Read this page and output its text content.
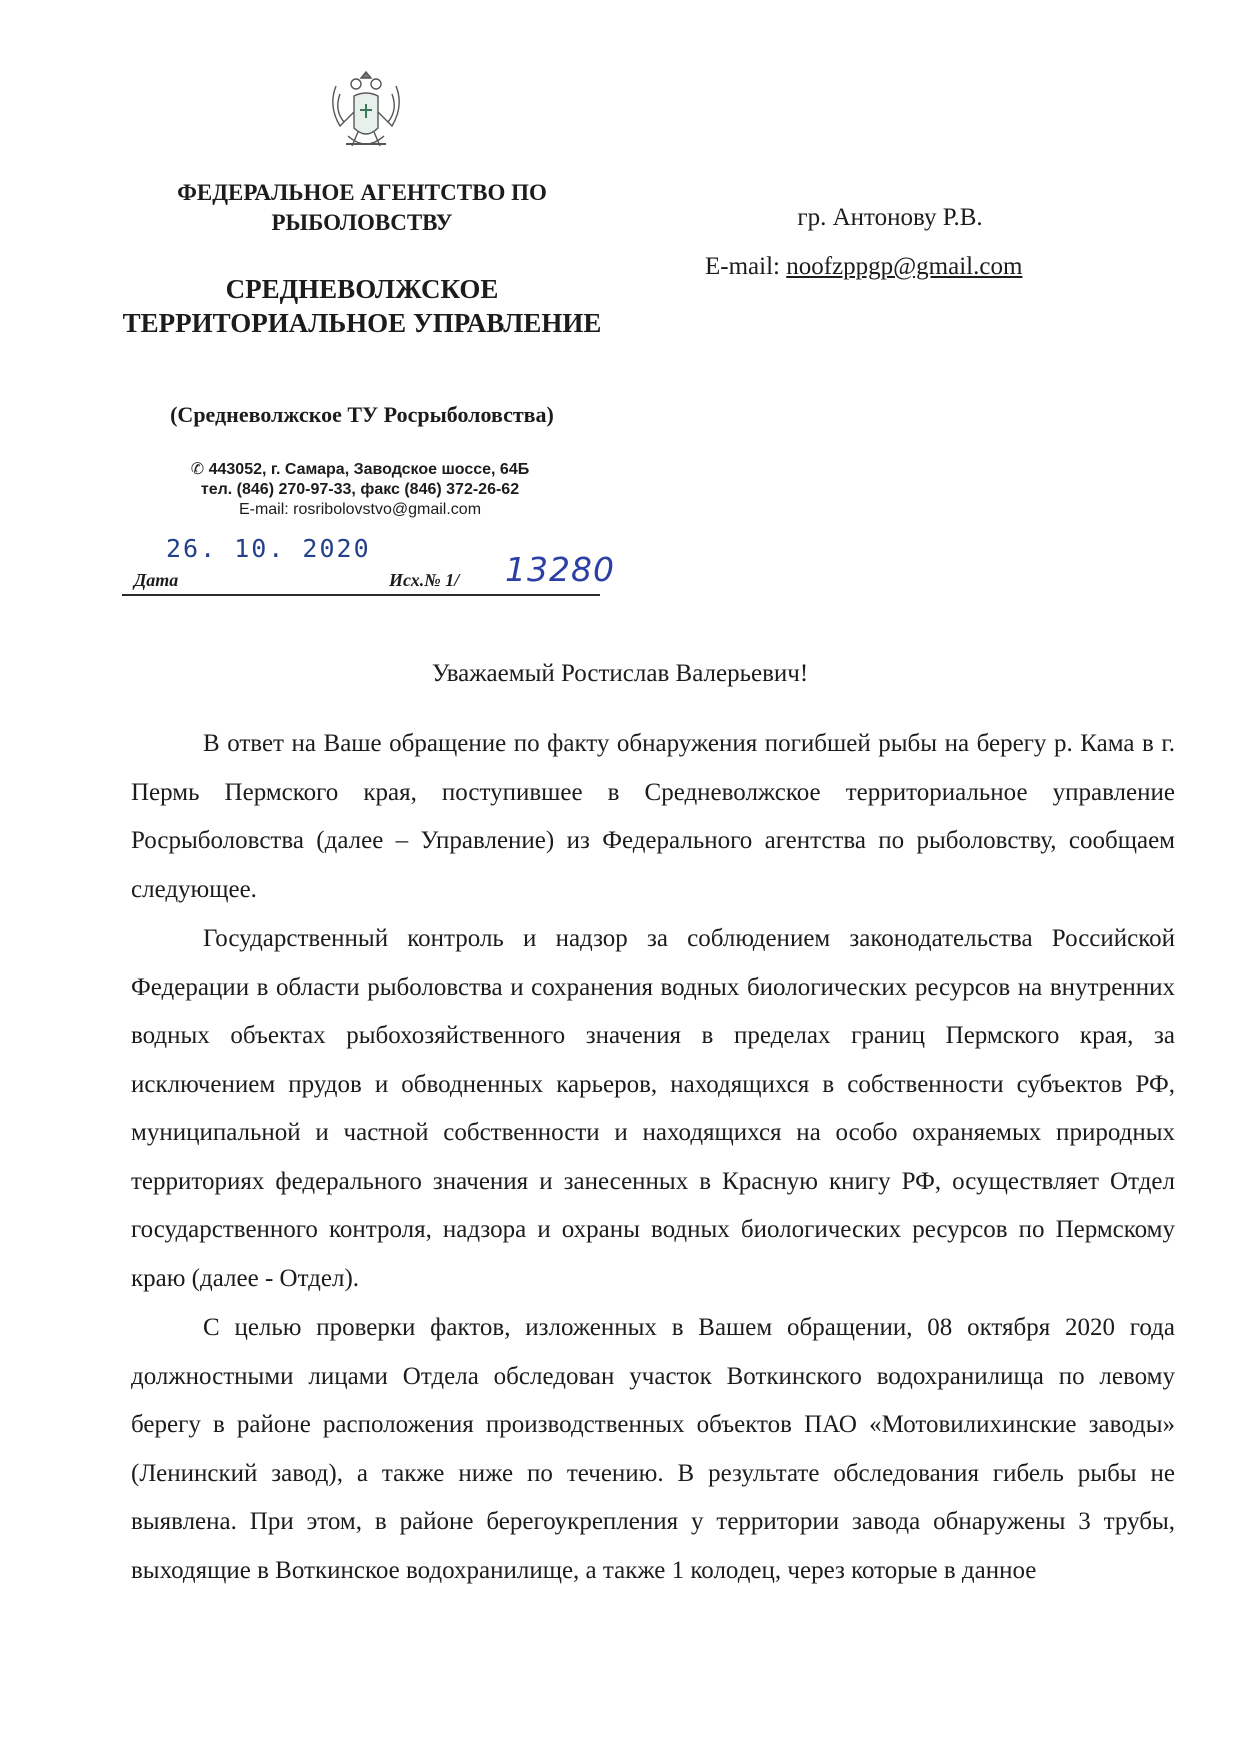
ФЕДЕРАЛЬНОЕ АГЕНТСТВО ПО РЫБОЛОВСТВУ
СРЕДНЕВОЛЖСКОЕ ТЕРРИТОРИАЛЬНОЕ УПРАВЛЕНИЕ
(Средневолжское ТУ Росрыболовства)
✆ 443052, г. Самара, Заводское шоссе, 64Б
тел. (846) 270-97-33, факс (846) 372-26-62
E-mail: rosribolovstvo@gmail.com
гр. Антонову Р.В.
E-mail: noofzppgp@gmail.com
26. 10. 2020
Дата	Исх.№ 1/ 13280
Уважаемый Ростислав Валерьевич!

В ответ на Ваше обращение по факту обнаружения погибшей рыбы на берегу р. Кама в г. Пермь Пермского края, поступившее в Средневолжское территориальное управление Росрыболовства (далее – Управление) из Федерального агентства по рыболовству, сообщаем следующее.

Государственный контроль и надзор за соблюдением законодательства Российской Федерации в области рыболовства и сохранения водных биологических ресурсов на внутренних водных объектах рыбохозяйственного значения в пределах границ Пермского края, за исключением прудов и обводненных карьеров, находящихся в собственности субъектов РФ, муниципальной и частной собственности и находящихся на особо охраняемых природных территориях федерального значения и занесенных в Красную книгу РФ, осуществляет Отдел государственного контроля, надзора и охраны водных биологических ресурсов по Пермскому краю (далее - Отдел).

С целью проверки фактов, изложенных в Вашем обращении, 08 октября 2020 года должностными лицами Отдела обследован участок Воткинского водохранилища по левому берегу в районе расположения производственных объектов ПАО «Мотовилихинские заводы» (Ленинский завод), а также ниже по течению. В результате обследования гибель рыбы не выявлена. При этом, в районе берегоукрепления у территории завода обнаружены 3 трубы, выходящие в Воткинское водохранилище, а также 1 колодец, через которые в данное
